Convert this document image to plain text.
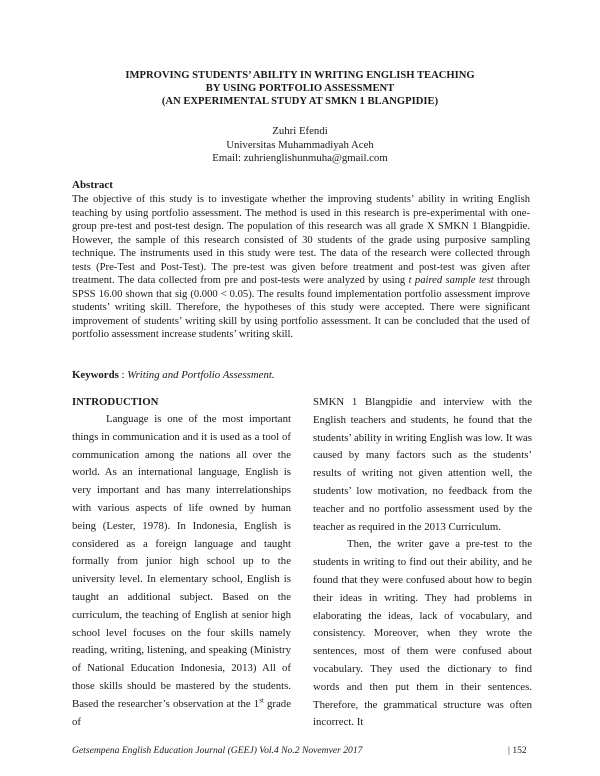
IMPROVING STUDENTS’ ABILITY IN WRITING ENGLISH TEACHING
BY USING PORTFOLIO ASSESSMENT
(AN EXPERIMENTAL STUDY AT SMKN 1 BLANGPIDIE)
Zuhri Efendi
Universitas Muhammadiyah Aceh
Email: zuhrienglishunmuha@gmail.com
Abstract
The objective of this study is to investigate whether the improving students’ ability in writing English teaching by using portfolio assessment. The method is used in this research is pre-experimental with one-group pre-test and post-test design. The population of this research was all grade X SMKN 1 Blangpidie. However, the sample of this research consisted of 30 students of the grade using purposive sampling technique. The instruments used in this study were test. The data of the research were collected through tests (Pre-Test and Post-Test). The pre-test was given before treatment and post-test was given after treatment. The data collected from pre and post-tests were analyzed by using t paired sample test through SPSS 16.00 shown that sig (0.000 < 0.05). The results found implementation portfolio assessment improve students’ writing skill. Therefore, the hypotheses of this study were accepted. There were significant improvement of students’ writing skill by using portfolio assessment. It can be concluded that the used of portfolio assessment increase students’ writing skill.
Keywords : Writing and Portfolio Assessment.
INTRODUCTION

Language is one of the most important things in communication and it is used as a tool of communication among the nations all over the world. As an international language, English is very important and has many interrelationships with various aspects of life owned by human being (Lester, 1978). In Indonesia, English is considered as a foreign language and taught formally from junior high school up to the university level. In elementary school, English is taught an additional subject. Based on the curriculum, the teaching of English at senior high school level focuses on the four skills namely reading, writing, listening, and speaking (Ministry of National Education Indonesia, 2013) All of those skills should be mastered by the students. Based the researcher’s observation at the 1st grade of

SMKN 1 Blangpidie and interview with the English teachers and students, he found that the students’ ability in writing English was low. It was caused by many factors such as the students’ results of writing not given attention well, the students’ low motivation, no feedback from the teacher and no portfolio assessment used by the teacher as required in the 2013 Curriculum.

Then, the writer gave a pre-test to the students in writing to find out their ability, and he found that they were confused about how to begin their ideas in writing. They had problems in elaborating the ideas, lack of vocabulary, and consistency. Moreover, when they wrote the sentences, most of them were confused about vocabulary. They used the dictionary to find words and then put them in their sentences. Therefore, the grammatical structure was often incorrect. It

Getsempena English Education Journal (GEEJ) Vol.4 No.2 Novemver 2017	| 152
